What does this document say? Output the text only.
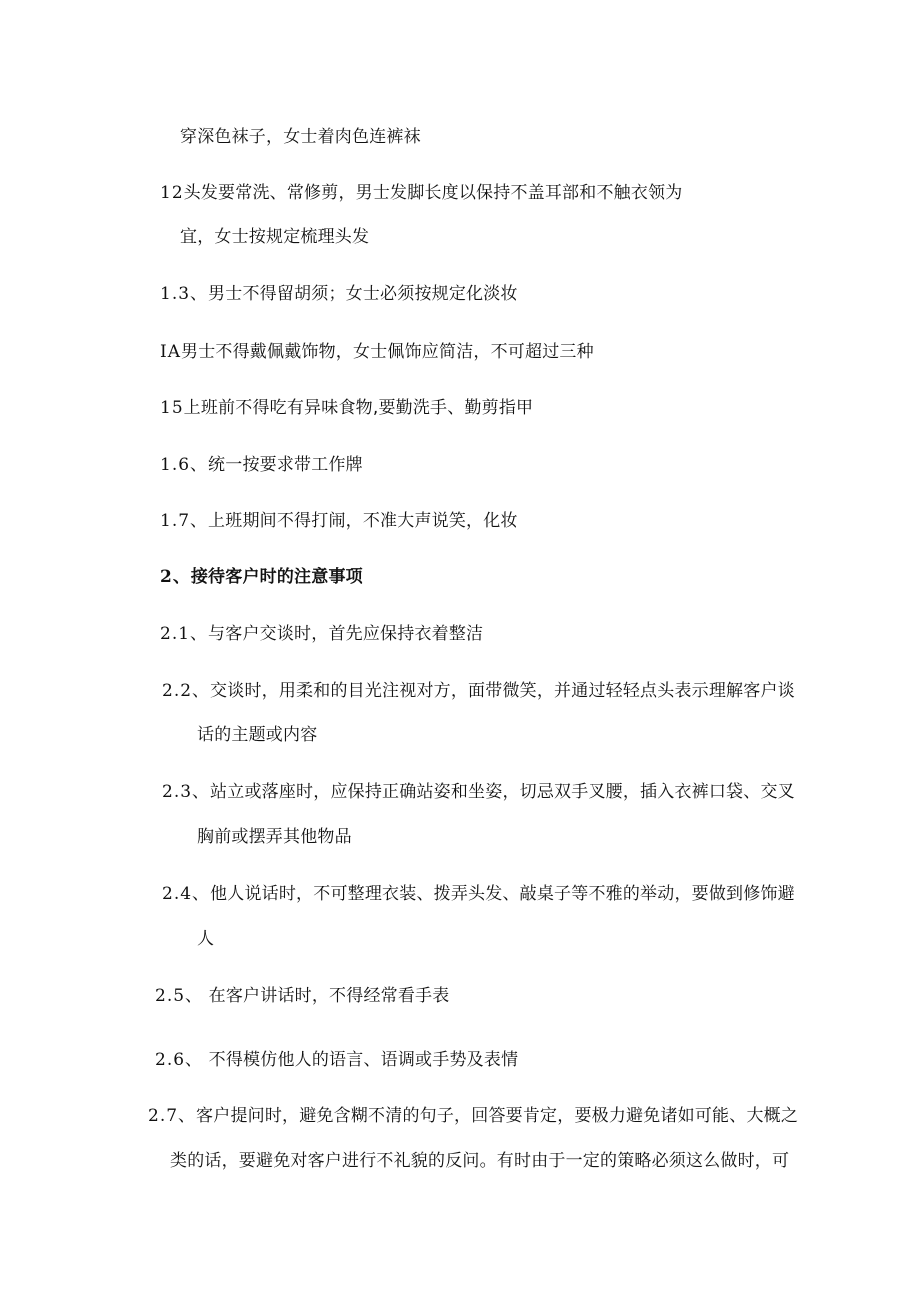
穿深色袜子，女士着肉色连裤袜
12头发要常洗、常修剪，男士发脚长度以保持不盖耳部和不触衣领为
宜，女士按规定梳理头发
1.3、男士不得留胡须；女士必须按规定化淡妆
IA男士不得戴佩戴饰物，女士佩饰应简洁，不可超过三种
15上班前不得吃有异味食物,要勤洗手、勤剪指甲
1.6、统一按要求带工作牌
1.7、上班期间不得打闹，不准大声说笑，化妆
2、接待客户时的注意事项
2.1、与客户交谈时，首先应保持衣着整洁
2.2、交谈时，用柔和的目光注视对方，面带微笑，并通过轻轻点头表示理解客户谈
话的主题或内容
2.3、站立或落座时，应保持正确站姿和坐姿，切忌双手叉腰，插入衣裤口袋、交叉
胸前或摆弄其他物品
2.4、他人说话时，不可整理衣装、拨弄头发、敲桌子等不雅的举动，要做到修饰避
人
2.5、 在客户讲话时，不得经常看手表
2.6、 不得模仿他人的语言、语调或手势及表情
2.7、客户提问时，避免含糊不清的句子，回答要肯定，要极力避免诸如可能、大概之
类的话，要避免对客户进行不礼貌的反问。有时由于一定的策略必须这么做时，可
